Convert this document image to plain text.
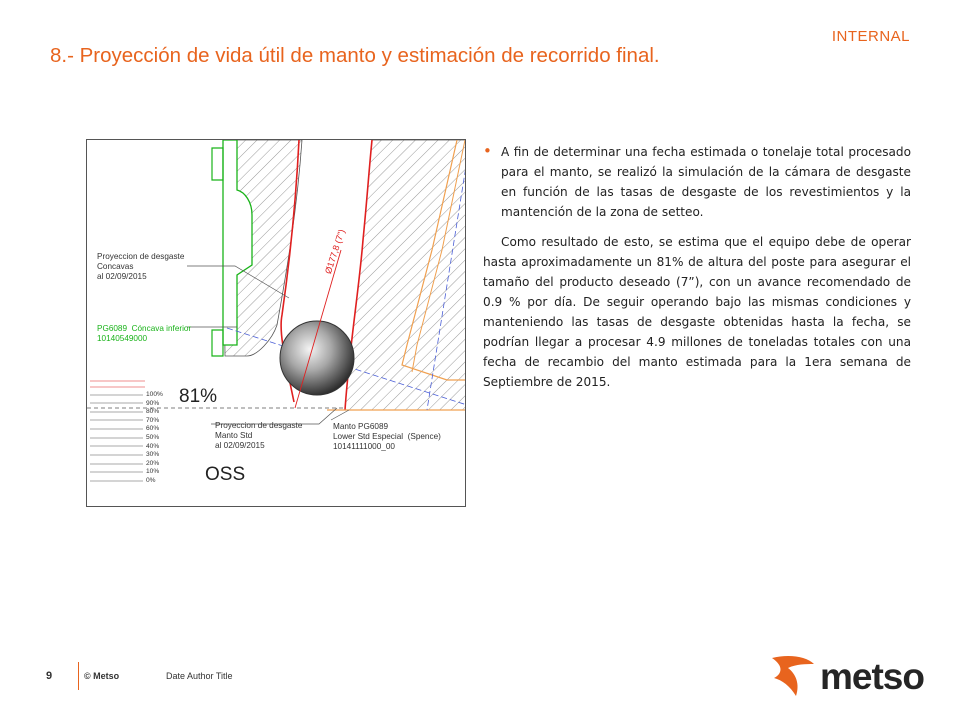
INTERNAL
8.- Proyección de vida útil de manto y estimación de recorrido final.
Proyeccion de desgaste
Concavas
al 02/09/2015
PG6089  Cóncava inferior
10140549000
81%
Proyeccion de desgaste
Manto Std
al 02/09/2015
Manto PG6089
Lower Std Especial  (Spence)
10141111000_00
OSS
Ø177,8 (7")
100%
90%
80%
70%
60%
50%
40%
30%
20%
10%
0%

• A fin de determinar una fecha estimada o tonelaje total procesado para el manto, se realizó la simulación de la cámara de desgaste en función de las tasas de desgaste de los revestimientos y la mantención de la zona de setteo.

Como resultado de esto, se estima que el equipo debe de operar hasta aproximadamente un 81% de altura del poste para asegurar el tamaño del producto deseado (7”), con un avance recomendado de 0.9 % por día. De seguir operando bajo las mismas condiciones y manteniendo las tasas de desgaste obtenidas hasta la fecha, se podrían llegar a procesar 4.9 millones de toneladas totales con una fecha de recambio del manto estimada para la 1era semana de Septiembre de 2015.

9	© Metso	Date Author Title	metso
